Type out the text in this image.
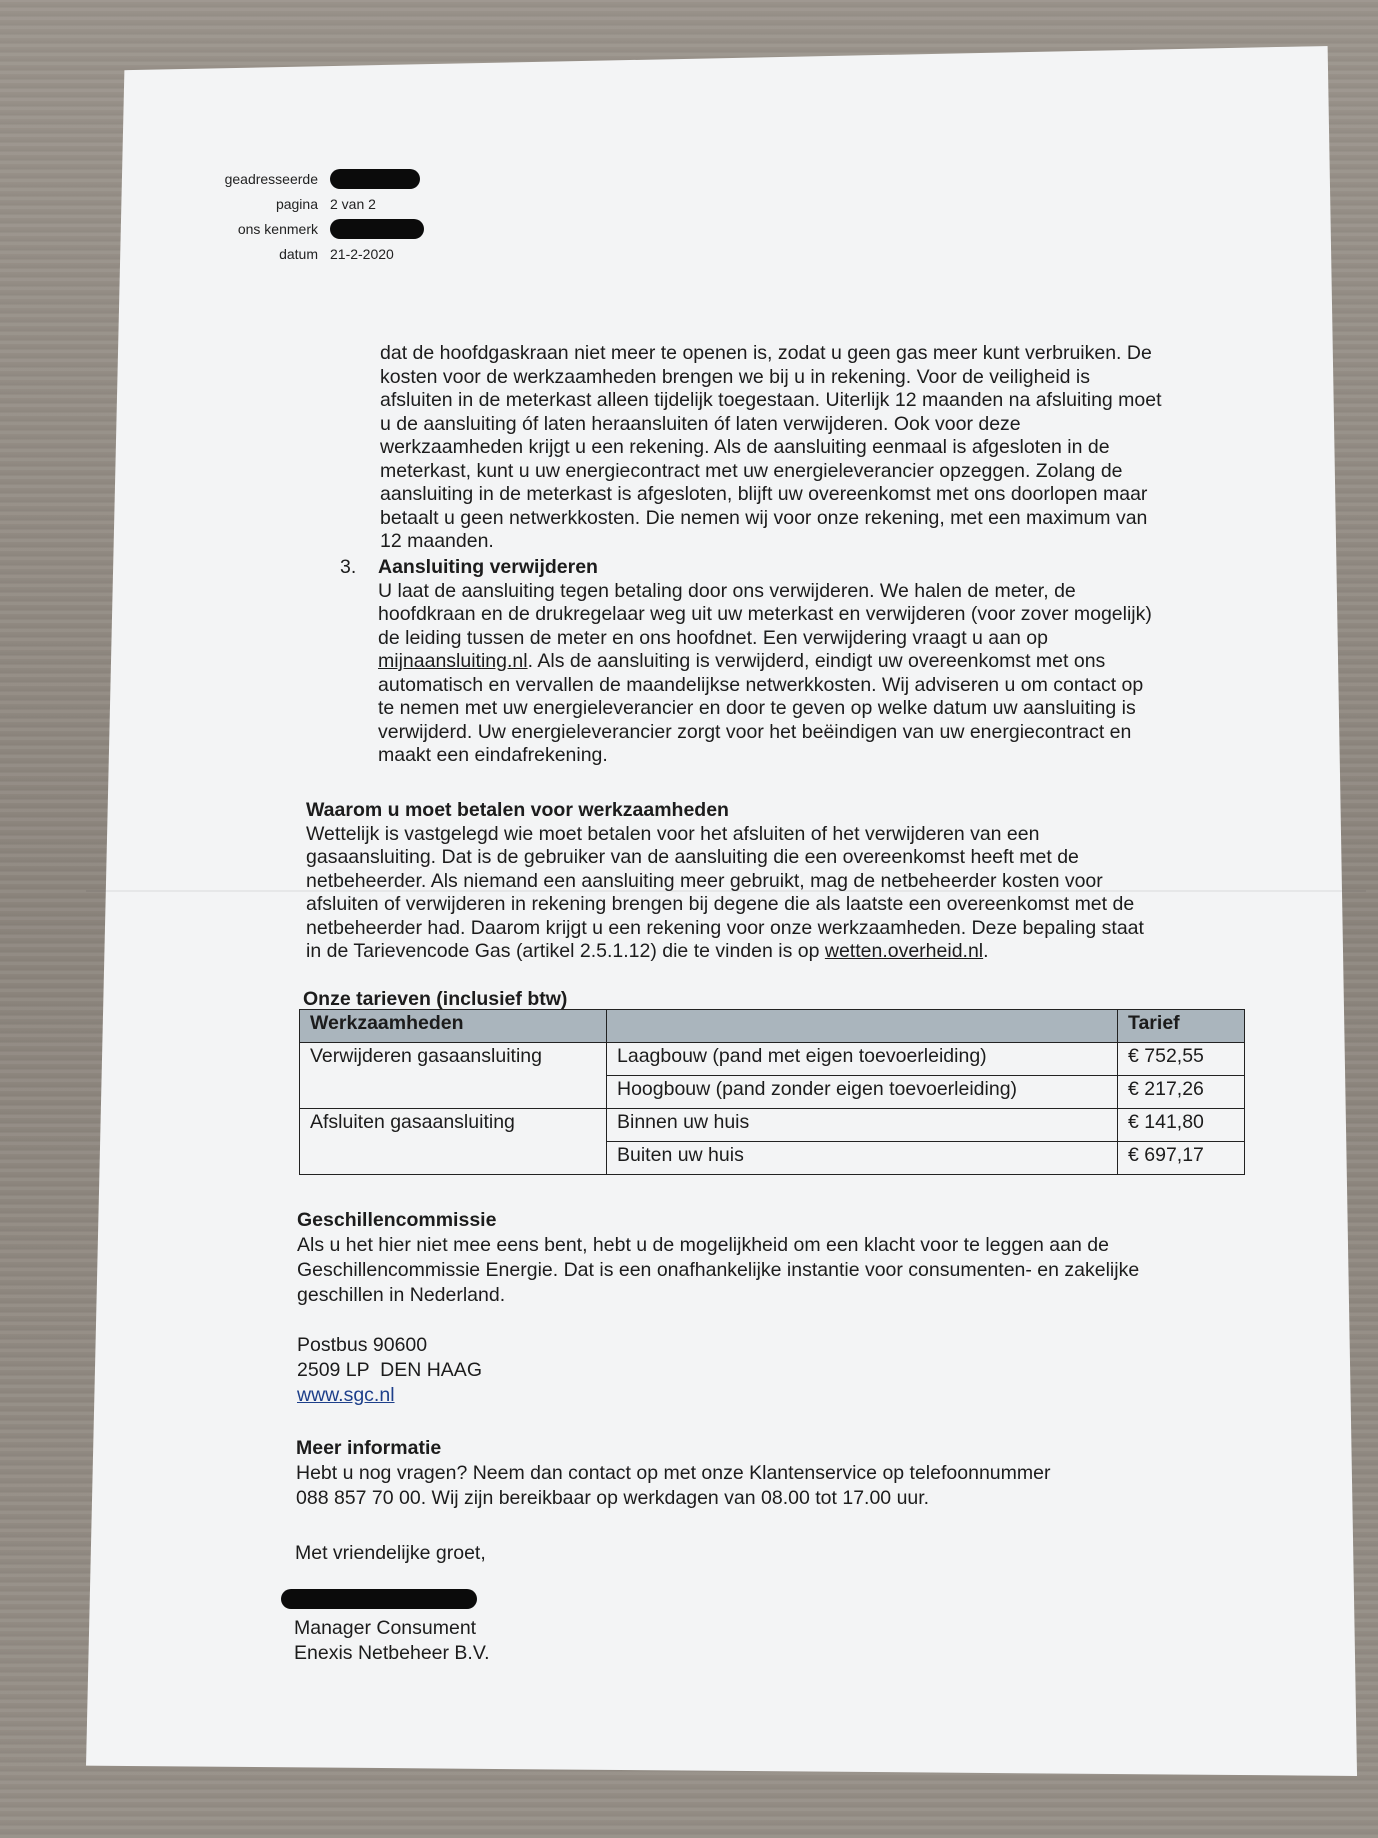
geadresseerde
pagina 2 van 2
ons kenmerk
datum 21-2-2020

dat de hoofdgaskraan niet meer te openen is, zodat u geen gas meer kunt verbruiken. De

kosten voor de werkzaamheden brengen we bij u in rekening. Voor de veiligheid is

afsluiten in de meterkast alleen tijdelijk toegestaan. Uiterlijk 12 maanden na afsluiting moet

u de aansluiting óf laten heraansluiten óf laten verwijderen. Ook voor deze

werkzaamheden krijgt u een rekening. Als de aansluiting eenmaal is afgesloten in de

meterkast, kunt u uw energiecontract met uw energieleverancier opzeggen. Zolang de

aansluiting in de meterkast is afgesloten, blijft uw overeenkomst met ons doorlopen maar

betaalt u geen netwerkkosten. Die nemen wij voor onze rekening, met een maximum van

12 maanden.

3. Aansluiting verwijderen

U laat de aansluiting tegen betaling door ons verwijderen. We halen de meter, de

hoofdkraan en de drukregelaar weg uit uw meterkast en verwijderen (voor zover mogelijk)

de leiding tussen de meter en ons hoofdnet. Een verwijdering vraagt u aan op

mijnaansluiting.nl. Als de aansluiting is verwijderd, eindigt uw overeenkomst met ons

automatisch en vervallen de maandelijkse netwerkkosten. Wij adviseren u om contact op

te nemen met uw energieleverancier en door te geven op welke datum uw aansluiting is

verwijderd. Uw energieleverancier zorgt voor het beëindigen van uw energiecontract en

maakt een eindafrekening.

Waarom u moet betalen voor werkzaamheden

Wettelijk is vastgelegd wie moet betalen voor het afsluiten of het verwijderen van een

gasaansluiting. Dat is de gebruiker van de aansluiting die een overeenkomst heeft met de

netbeheerder. Als niemand een aansluiting meer gebruikt, mag de netbeheerder kosten voor

afsluiten of verwijderen in rekening brengen bij degene die als laatste een overeenkomst met de

netbeheerder had. Daarom krijgt u een rekening voor onze werkzaamheden. Deze bepaling staat

in de Tarievencode Gas (artikel 2.5.1.12) die te vinden is op wetten.overheid.nl.

Onze tarieven (inclusief btw)
Werkzaamheden		Tarief
Verwijderen gasaansluiting	Laagbouw (pand met eigen toevoerleiding)	€ 752,55
	Hoogbouw (pand zonder eigen toevoerleiding)	€ 217,26
Afsluiten gasaansluiting	Binnen uw huis	€ 141,80
	Buiten uw huis	€ 697,17

Geschillencommissie

Als u het hier niet mee eens bent, hebt u de mogelijkheid om een klacht voor te leggen aan de

Geschillencommissie Energie. Dat is een onafhankelijke instantie voor consumenten- en zakelijke

geschillen in Nederland.

Postbus 90600

2509 LP  DEN HAAG

www.sgc.nl

Meer informatie

Hebt u nog vragen? Neem dan contact op met onze Klantenservice op telefoonnummer

088 857 70 00. Wij zijn bereikbaar op werkdagen van 08.00 tot 17.00 uur.

Met vriendelijke groet,

Manager Consument

Enexis Netbeheer B.V.
